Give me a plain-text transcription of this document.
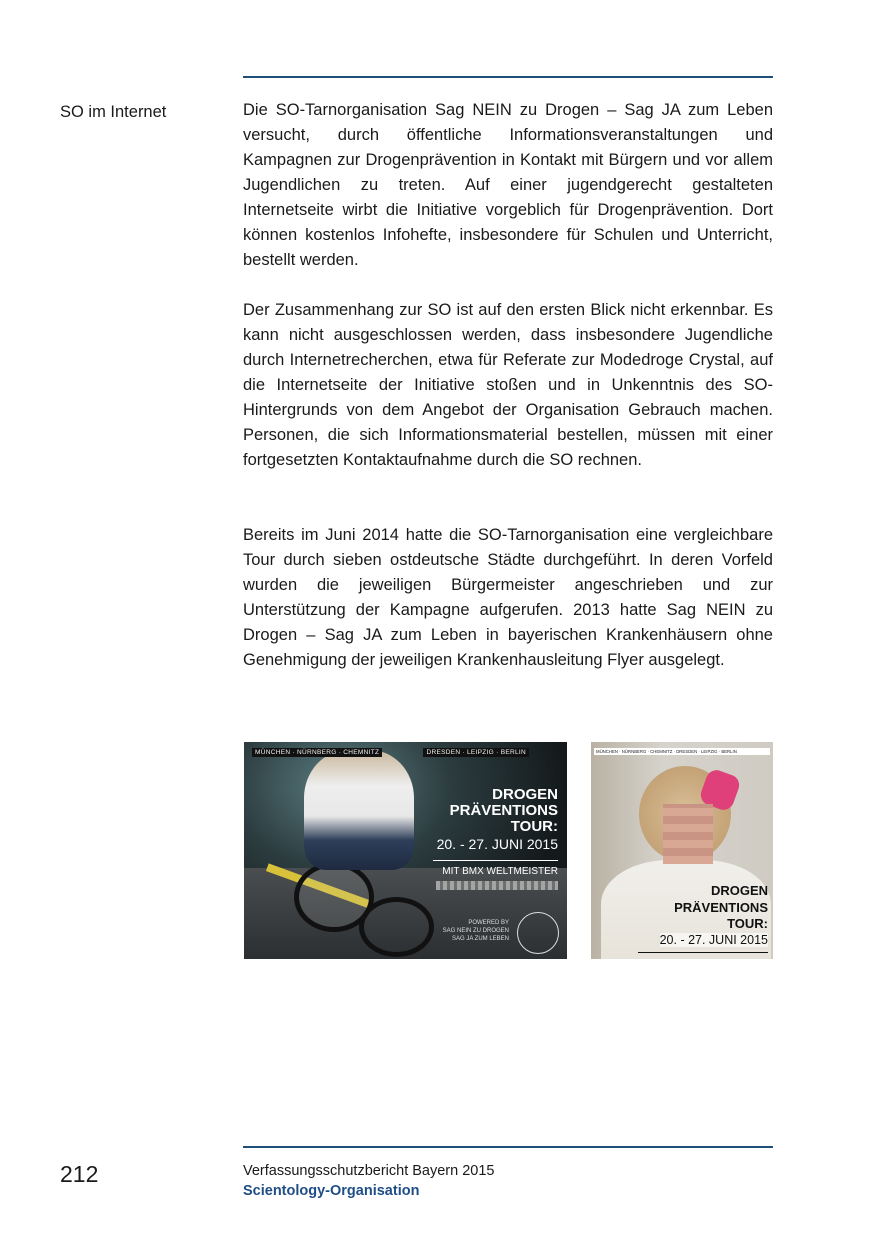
SO im Internet	Die SO-Tarnorganisation Sag NEIN zu Drogen – Sag JA zum Leben versucht, durch öffentliche Informationsveranstaltungen und Kampagnen zur Drogenprävention in Kontakt mit Bürgern und vor allem Jugendlichen zu treten. Auf einer jugendgerecht gestalteten Internetseite wirbt die Initiative vorgeblich für Drogenprävention. Dort können kostenlos Infohefte, insbesondere für Schulen und Unterricht, bestellt werden.

Der Zusammenhang zur SO ist auf den ersten Blick nicht erkennbar. Es kann nicht ausgeschlossen werden, dass insbesondere Jugendliche durch Internetrecherchen, etwa für Referate zur Modedroge Crystal, auf die Internetseite der Initiative stoßen und in Unkenntnis des SO-Hintergrunds von dem Angebot der Organisation Gebrauch machen. Personen, die sich Informationsmaterial bestellen, müssen mit einer fortgesetzten Kontaktaufnahme durch die SO rechnen.

Bereits im Juni 2014 hatte die SO-Tarnorganisation eine vergleichbare Tour durch sieben ostdeutsche Städte durchgeführt. In deren Vorfeld wurden die jeweiligen Bürgermeister angeschrieben und zur Unterstützung der Kampagne aufgerufen. 2013 hatte Sag NEIN zu Drogen – Sag JA zum Leben in bayerischen Krankenhäusern ohne Genehmigung der jeweiligen Krankenhausleitung Flyer ausgelegt.

MÜNCHEN · NÜRNBERG · CHEMNITZ	DRESDEN · LEIPZIG · BERLIN
DROGEN
PRÄVENTIONS
TOUR:
20. - 27. JUNI 2015
MIT BMX WELTMEISTER
POWERED BY
SAG NEIN ZU DROGEN
SAG JA ZUM LEBEN
MÜNCHEN · NÜRNBERG · CHEMNITZ · DRESDEN · LEIPZIG · BERLIN
DROGEN
PRÄVENTIONS
TOUR:
20. - 27. JUNI 2015
212	Verfassungsschutzbericht Bayern 2015
Scientology-Organisation
